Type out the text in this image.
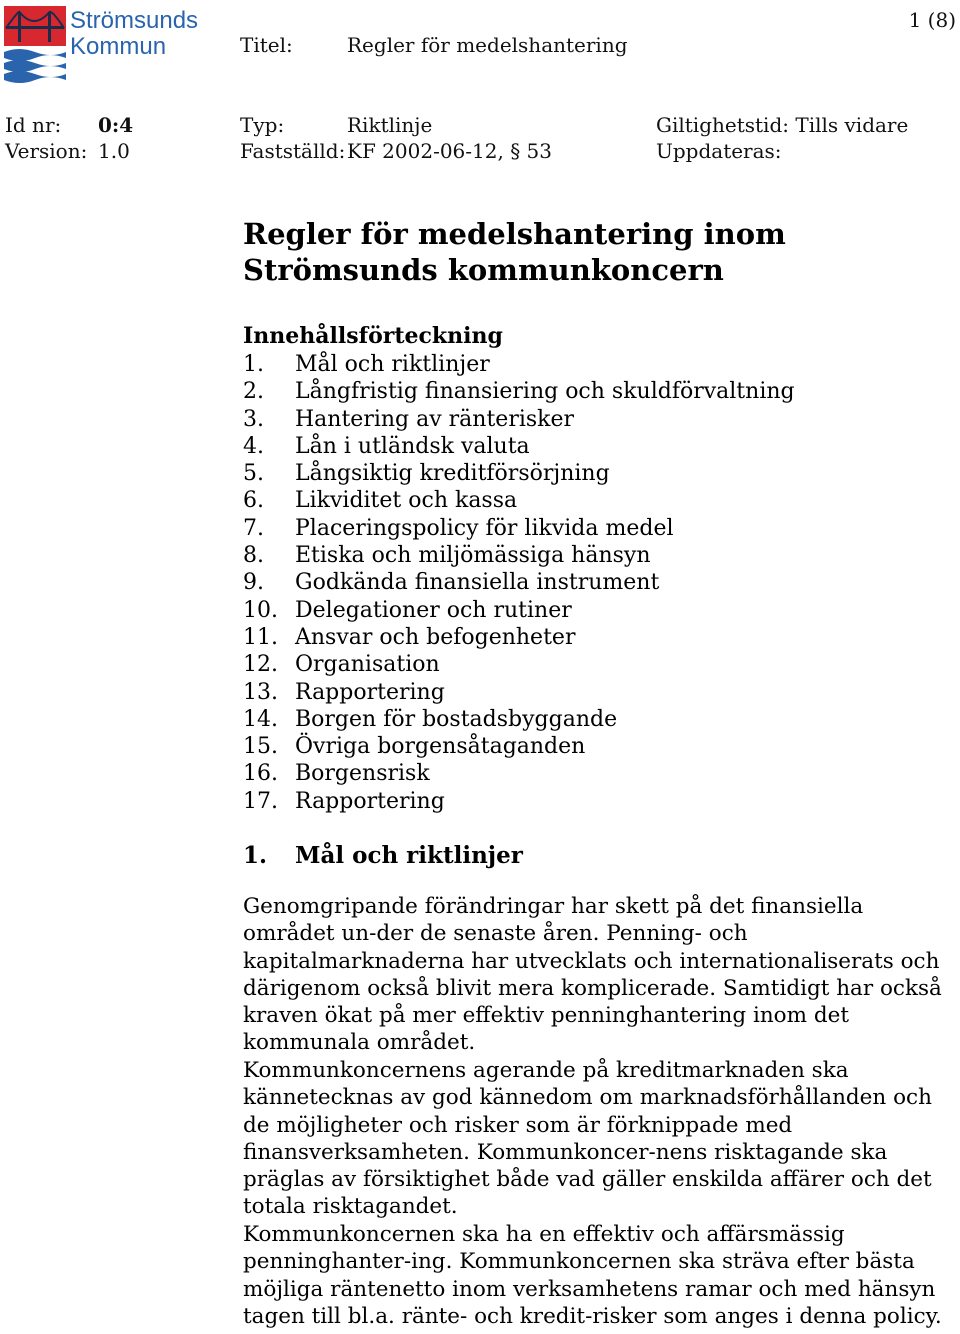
Strömsunds
Kommun
1 (8)
Titel:	Regler för medelshantering
Id nr: 0:4	Typ:	Riktlinje	Giltighetstid: Tills vidare
Version: 1.0	Fastställd: KF 2002-06-12, § 53	Uppdateras:
Regler för medelshantering inom Strömsunds kommunkoncern
Innehållsförteckning
1.	Mål och riktlinjer
2.	Långfristig finansiering och skuldförvaltning
3.	Hantering av ränterisker
4.	Lån i utländsk valuta
5.	Långsiktig kreditförsörjning
6.	Likviditet och kassa
7.	Placeringspolicy för likvida medel
8.	Etiska och miljömässiga hänsyn
9.	Godkända finansiella instrument
10. Delegationer och rutiner
11. Ansvar och befogenheter
12. Organisation
13. Rapportering
14. Borgen för bostadsbyggande
15. Övriga borgensåtaganden
16. Borgensrisk
17. Rapportering
1.	Mål och riktlinjer

Genomgripande förändringar har skett på det finansiella området un-der de senaste åren. Penning- och kapitalmarknaderna har utvecklats och internationaliserats och därigenom också blivit mera komplicerade. Samtidigt har också kraven ökat på mer effektiv penninghantering inom det kommunala området.

Kommunkoncernens agerande på kreditmarknaden ska kännetecknas av god kännedom om marknadsförhållanden och de möjligheter och risker som är förknippade med finansverksamheten. Kommunkoncer-nens risktagande ska präglas av försiktighet både vad gäller enskilda affärer och det totala risktagandet.

Kommunkoncernen ska ha en effektiv och affärsmässig penninghanter-ing. Kommunkoncernen ska sträva efter bästa möjliga räntenetto inom verksamhetens ramar och med hänsyn tagen till bl.a. ränte- och kredit-risker som anges i denna policy.
